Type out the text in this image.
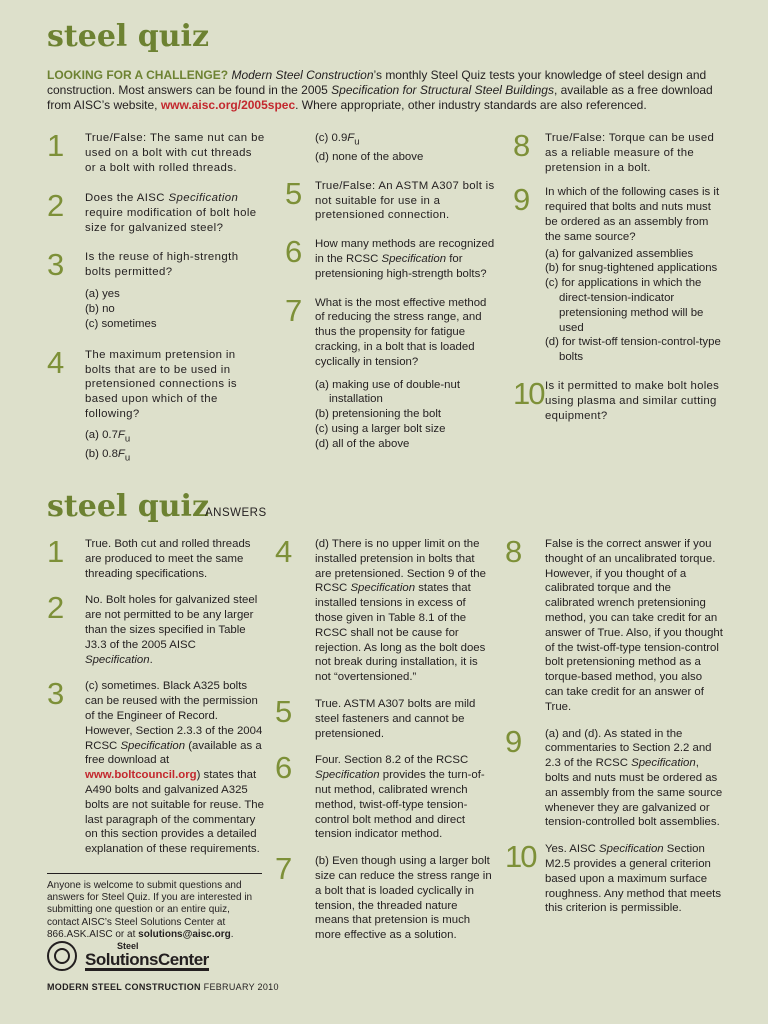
steel quiz

LOOKING FOR A CHALLENGE? Modern Steel Construction’s monthly Steel Quiz tests your knowledge of steel design and construction. Most answers can be found in the 2005 Specification for Structural Steel Buildings, available as a free download from AISC’s website, www.aisc.org/2005spec. Where appropriate, other industry standards are also referenced.

1	True/False: The same nut can be used on a bolt with cut threads or a bolt with rolled threads.
2	Does the AISC Specification require modification of bolt hole size for galvanized steel?
3	Is the reuse of high-strength bolts permitted?
(a) yes
(b) no
(c) sometimes
4	The maximum pretension in bolts that are to be used in pretensioned connections is based upon which of the following?
(a) $0.7F_u$
(b) $0.8F_u$
(c) $0.9F_u$
(d) none of the above
5	True/False: An ASTM A307 bolt is not suitable for use in a pretensioned connection.
6	How many methods are recognized in the RCSC Specification for pretensioning high-strength bolts?
7	What is the most effective method of reducing the stress range, and thus the propensity for fatigue cracking, in a bolt that is loaded cyclically in tension?
(a) making use of double-nut installation
(b) pretensioning the bolt
(c) using a larger bolt size
(d) all of the above
8	True/False: Torque can be used as a reliable measure of the pretension in a bolt.
9	In which of the following cases is it required that bolts and nuts must be ordered as an assembly from the same source?
(a) for galvanized assemblies
(b) for snug-tightened applications
(c) for applications in which the direct-tension-indicator pretensioning method will be used
(d) for twist-off tension-control-type bolts
10 Is it permitted to make bolt holes using plasma and similar cutting equipment?
steel quiz
ANSWERS
1	True. Both cut and rolled threads are produced to meet the same threading specifications.
2	No. Bolt holes for galvanized steel are not permitted to be any larger than the sizes specified in Table J3.3 of the 2005 AISC Specification.
3	(c) sometimes. Black A325 bolts can be reused with the permission of the Engineer of Record. However, Section 2.3.3 of the 2004 RCSC Specification (available as a free download at www.boltcouncil.org) states that A490 bolts and galvanized A325 bolts are not suitable for reuse. The last paragraph of the commentary on this section provides a detailed explanation of these requirements.
4	(d) There is no upper limit on the installed pretension in bolts that are pretensioned. Section 9 of the RCSC Specification states that installed tensions in excess of those given in Table 8.1 of the RCSC shall not be cause for rejection. As long as the bolt does not break during installation, it is not “overtensioned.”
5	True. ASTM A307 bolts are mild steel fasteners and cannot be pretensioned.
6	Four. Section 8.2 of the RCSC Specification provides the turn-of-nut method, calibrated wrench method, twist-off-type tension-control bolt method and direct tension indicator method.
7	(b) Even though using a larger bolt size can reduce the stress range in a bolt that is loaded cyclically in tension, the threaded nature means that pretension is much more effective as a solution.
8	False is the correct answer if you thought of an uncalibrated torque. However, if you thought of a calibrated torque and the calibrated wrench pretensioning method, you can take credit for an answer of True. Also, if you thought of the twist-off-type tension-control bolt pretensioning method as a torque-based method, you also can take credit for an answer of True.
9	(a) and (d). As stated in the commentaries to Section 2.2 and 2.3 of the RCSC Specification, bolts and nuts must be ordered as an assembly from the same source whenever they are galvanized or tension-controlled bolt assemblies.
10 Yes. AISC Specification Section M2.5 provides a general criterion based upon a maximum surface roughness. Any method that meets this criterion is permissible.
Anyone is welcome to submit questions and answers for Steel Quiz. If you are interested in submitting one question or an entire quiz, contact AISC’s Steel Solutions Center at 866.ASK.AISC or at solutions@aisc.org.
Steel
SolutionsCenter
MODERN STEEL CONSTRUCTION FEBRUARY 2010
